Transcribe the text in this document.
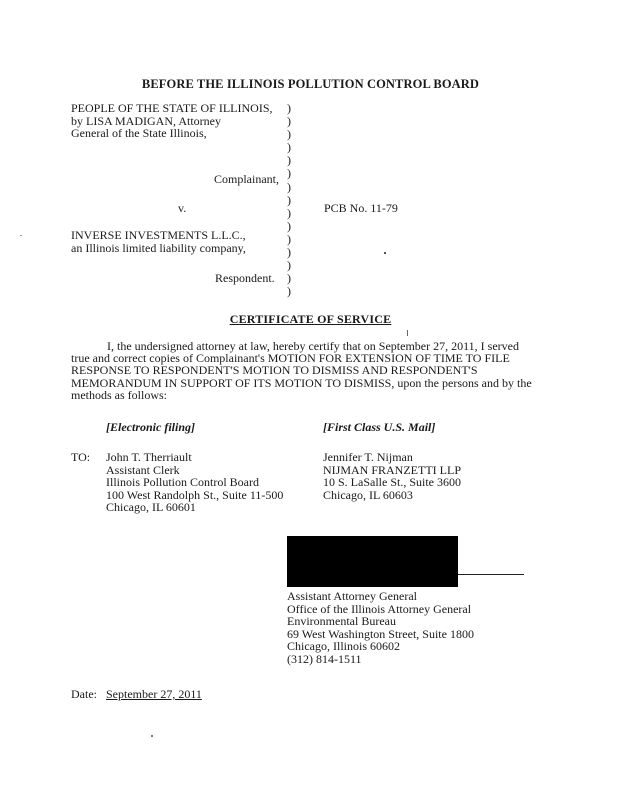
BEFORE THE ILLINOIS POLLUTION CONTROL BOARD
PEOPLE OF THE STATE OF ILLINOIS,
by LISA MADIGAN, Attorney
General of the State Illinois,
)
)
)
)
)
)
)
)
)
)
)
)
)
)
)
Complainant,
v.	PCB No. 11-79
INVERSE INVESTMENTS L.L.C.,
an Illinois limited liability company,
Respondent.
CERTIFICATE OF SERVICE
I, the undersigned attorney at law, hereby certify that on September 27, 2011, I served
true and correct copies of Complainant's MOTION FOR EXTENSION OF TIME TO FILE
RESPONSE TO RESPONDENT'S MOTION TO DISMISS AND RESPONDENT'S
MEMORANDUM IN SUPPORT OF ITS MOTION TO DISMISS, upon the persons and by the
methods as follows:
[Electronic filing]	[First Class U.S. Mail]
TO: John T. Therriault
Assistant Clerk
Illinois Pollution Control Board
100 West Randolph St., Suite 11-500
Chicago, IL 60601
Jennifer T. Nijman
NIJMAN FRANZETTI LLP
10 S. LaSalle St., Suite 3600
Chicago, IL 60603
Assistant Attorney General
Office of the Illinois Attorney General
Environmental Bureau
69 West Washington Street, Suite 1800
Chicago, Illinois 60602
(312) 814-1511
Date: September 27, 2011
